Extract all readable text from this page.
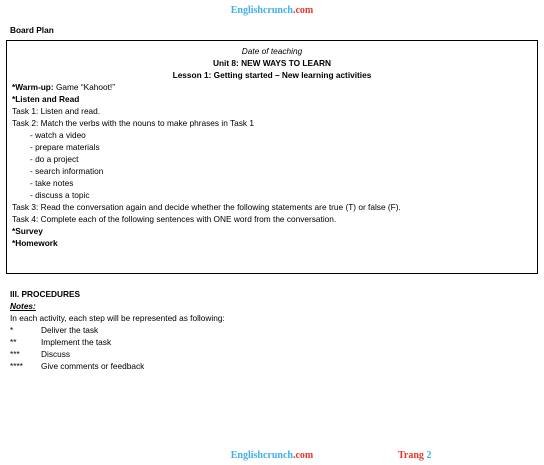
Englishcrunch.com
Board Plan
Date of teaching
Unit 8: NEW WAYS TO LEARN
Lesson 1: Getting started – New learning activities
*Warm-up: Game “Kahoot!”
*Listen and Read
Task 1: Listen and read.
Task 2: Match the verbs with the nouns to make phrases in Task 1
- watch a video
- prepare materials
- do a project
- search information
- take notes
- discuss a topic
Task 3: Read the conversation again and decide whether the following statements are true (T) or false (F).
Task 4: Complete each of the following sentences with ONE word from the conversation.
*Survey
*Homework
III. PROCEDURES
Notes:
In each activity, each step will be represented as following:
*	Deliver the task
**	Implement the task
***	Discuss
****	Give comments or feedback
Englishcrunch.com	Trang 2
